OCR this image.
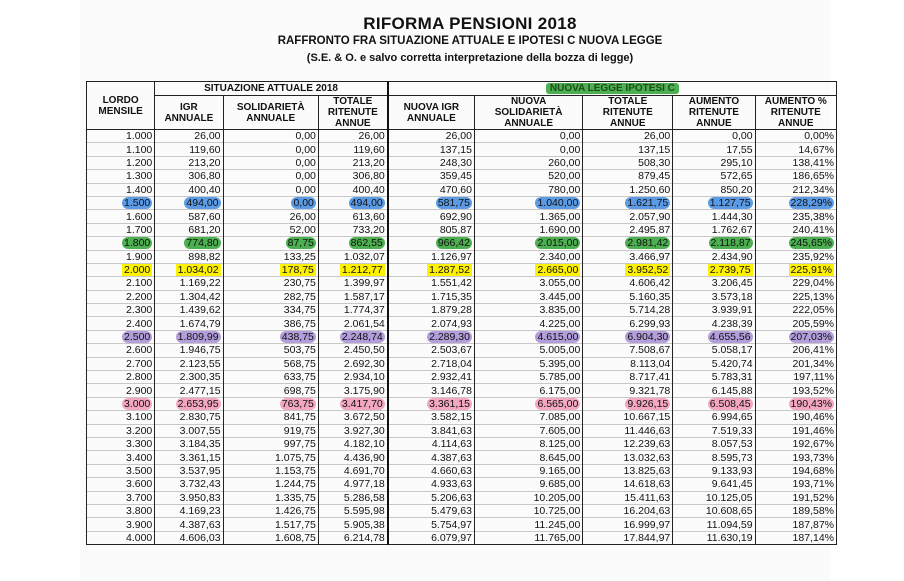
RIFORMA PENSIONI 2018
RAFFRONTO FRA SITUAZIONE ATTUALE E IPOTESI C NUOVA LEGGE
(S.E. & O. e salvo corretta interpretazione della bozza di legge)
LORDO MENSILE	SITUAZIONE ATTUALE 2018			NUOVA LEGGE IPOTESI C				
	IGR ANNUALE	SOLIDARIETÀ ANNUALE	TOTALE RITENUTE ANNUE	NUOVA IGR ANNUALE	NUOVA SOLIDARIETÀ ANNUALE	TOTALE RITENUTE ANNUE	AUMENTO RITENUTE ANNUE	AUMENTO % RITENUTE ANNUE
1.000	26,00	0,00	26,00	26,00	0,00	26,00	0,00	0,00%
1.100	119,60	0,00	119,60	137,15	0,00	137,15	17,55	14,67%
1.200	213,20	0,00	213,20	248,30	260,00	508,30	295,10	138,41%
1.300	306,80	0,00	306,80	359,45	520,00	879,45	572,65	186,65%
1.400	400,40	0,00	400,40	470,60	780,00	1.250,60	850,20	212,34%
1.500	494,00	0,00	494,00	581,75	1.040,00	1.621,75	1.127,75	228,29%
1.600	587,60	26,00	613,60	692,90	1.365,00	2.057,90	1.444,30	235,38%
1.700	681,20	52,00	733,20	805,87	1.690,00	2.495,87	1.762,67	240,41%
1.800	774,80	87,75	862,55	966,42	2.015,00	2.981,42	2.118,87	245,65%
1.900	898,82	133,25	1.032,07	1.126,97	2.340,00	3.466,97	2.434,90	235,92%
2.000	1.034,02	178,75	1.212,77	1.287,52	2.665,00	3.952,52	2.739,75	225,91%
2.100	1.169,22	230,75	1.399,97	1.551,42	3.055,00	4.606,42	3.206,45	229,04%
2.200	1.304,42	282,75	1.587,17	1.715,35	3.445,00	5.160,35	3.573,18	225,13%
2.300	1.439,62	334,75	1.774,37	1.879,28	3.835,00	5.714,28	3.939,91	222,05%
2.400	1.674,79	386,75	2.061,54	2.074,93	4.225,00	6.299,93	4.238,39	205,59%
2.500	1.809,99	438,75	2.248,74	2.289,30	4.615,00	6.904,30	4.655,56	207,03%
2.600	1.946,75	503,75	2.450,50	2.503,67	5.005,00	7.508,67	5.058,17	206,41%
2.700	2.123,55	568,75	2.692,30	2.718,04	5.395,00	8.113,04	5.420,74	201,34%
2.800	2.300,35	633,75	2.934,10	2.932,41	5.785,00	8.717,41	5.783,31	197,11%
2.900	2.477,15	698,75	3.175,90	3.146,78	6.175,00	9.321,78	6.145,88	193,52%
3.000	2.653,95	763,75	3.417,70	3.361,15	6.565,00	9.926,15	6.508,45	190,43%
3.100	2.830,75	841,75	3.672,50	3.582,15	7.085,00	10.667,15	6.994,65	190,46%
3.200	3.007,55	919,75	3.927,30	3.841,63	7.605,00	11.446,63	7.519,33	191,46%
3.300	3.184,35	997,75	4.182,10	4.114,63	8.125,00	12.239,63	8.057,53	192,67%
3.400	3.361,15	1.075,75	4.436,90	4.387,63	8.645,00	13.032,63	8.595,73	193,73%
3.500	3.537,95	1.153,75	4.691,70	4.660,63	9.165,00	13.825,63	9.133,93	194,68%
3.600	3.732,43	1.244,75	4.977,18	4.933,63	9.685,00	14.618,63	9.641,45	193,71%
3.700	3.950,83	1.335,75	5.286,58	5.206,63	10.205,00	15.411,63	10.125,05	191,52%
3.800	4.169,23	1.426,75	5.595,98	5.479,63	10.725,00	16.204,63	10.608,65	189,58%
3.900	4.387,63	1.517,75	5.905,38	5.754,97	11.245,00	16.999,97	11.094,59	187,87%
4.000	4.606,03	1.608,75	6.214,78	6.079,97	11.765,00	17.844,97	11.630,19	187,14%
